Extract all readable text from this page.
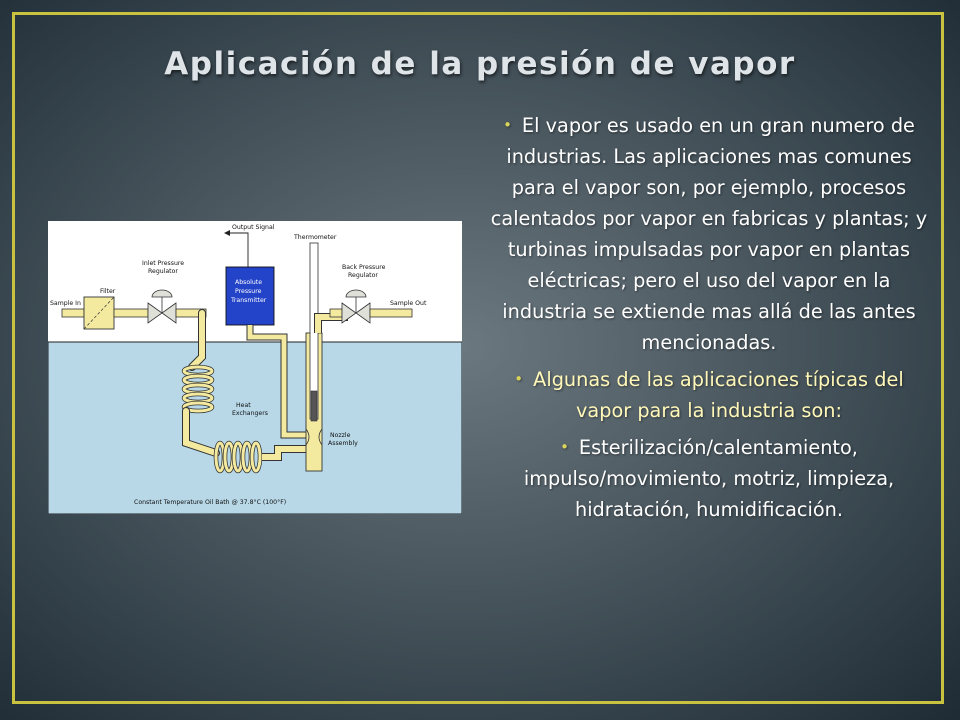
Aplicación de la presión de vapor
Output Signal
Thermometer
Inlet Pressure
Regulator
Absolute
Pressure
Transmitter
Back Pressure
Regulator
Sample In
Filter
Sample Out
Heat
Exchangers
Nozzle
Assembly
Constant Temperature Oil Bath @ 37.8°C (100°F)
• El vapor es usado en un gran numero de industrias. Las aplicaciones mas comunes para el vapor son, por ejemplo, procesos calentados por vapor en fabricas y plantas; y turbinas impulsadas por vapor en plantas eléctricas; pero el uso del vapor en la industria se extiende mas allá de las antes mencionadas.
• Algunas de las aplicaciones típicas del vapor para la industria son:
• Esterilización/calentamiento, impulso/movimiento, motriz, limpieza, hidratación, humidificación.
